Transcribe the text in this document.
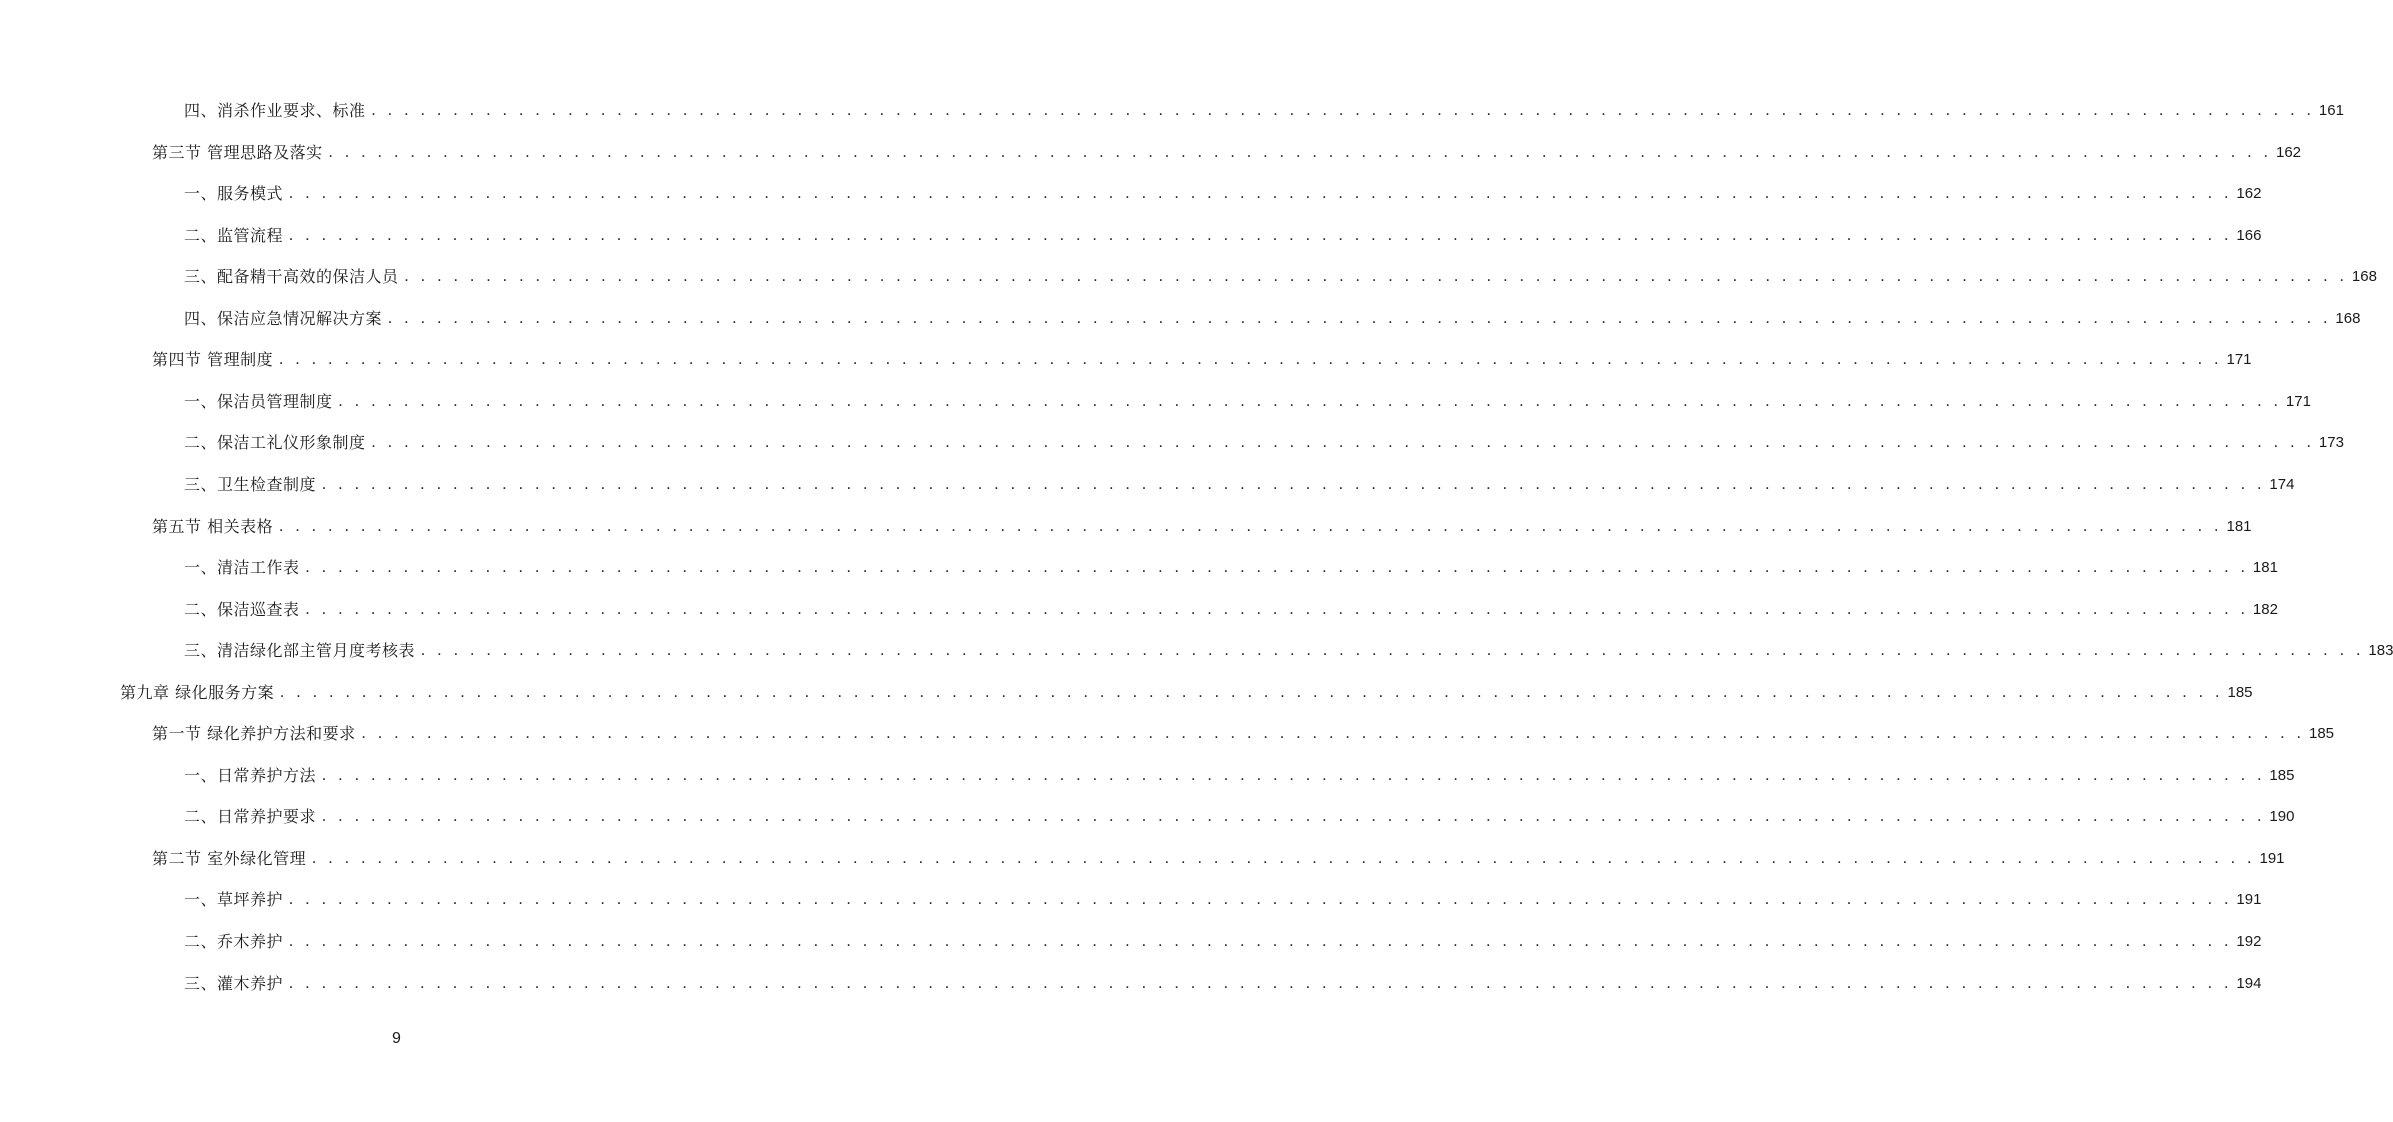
四、消杀作业要求、标准 . . . . . . . . . . . . . . . . . . . . . . . . . . . . . . . . . . . . . . . . . . . . . . . . . . . . . . . . . . . . . . . . . . . . . . . . . . . . . . . . . . . . . . . . . . . . . . . . . . . . . . . . . . . . . . . . . . . . . . . 161
第三节 管理思路及落实 . . . . . . . . . . . . . . . . . . . . . . . . . . . . . . . . . . . . . . . . . . . . . . . . . . . . . . . . . . . . . . . . . . . . . . . . . . . . . . . . . . . . . . . . . . . . . . . . . . . . . . . . . . . . . . . . . . . . . . . 162
一、服务模式 . . . . . . . . . . . . . . . . . . . . . . . . . . . . . . . . . . . . . . . . . . . . . . . . . . . . . . . . . . . . . . . . . . . . . . . . . . . . . . . . . . . . . . . . . . . . . . . . . . . . . . . . . . . . . . . . . . . . . . . 162
二、监管流程 . . . . . . . . . . . . . . . . . . . . . . . . . . . . . . . . . . . . . . . . . . . . . . . . . . . . . . . . . . . . . . . . . . . . . . . . . . . . . . . . . . . . . . . . . . . . . . . . . . . . . . . . . . . . . . . . . . . . . . . 166
三、配备精干高效的保洁人员 . . . . . . . . . . . . . . . . . . . . . . . . . . . . . . . . . . . . . . . . . . . . . . . . . . . . . . . . . . . . . . . . . . . . . . . . . . . . . . . . . . . . . . . . . . . . . . . . . . . . . . . . . . . . . . . . . . . . . . . 168
四、保洁应急情况解决方案 . . . . . . . . . . . . . . . . . . . . . . . . . . . . . . . . . . . . . . . . . . . . . . . . . . . . . . . . . . . . . . . . . . . . . . . . . . . . . . . . . . . . . . . . . . . . . . . . . . . . . . . . . . . . . . . . . . . . . . . 168
第四节 管理制度 . . . . . . . . . . . . . . . . . . . . . . . . . . . . . . . . . . . . . . . . . . . . . . . . . . . . . . . . . . . . . . . . . . . . . . . . . . . . . . . . . . . . . . . . . . . . . . . . . . . . . . . . . . . . . . . . . . . . . . . 171
一、保洁员管理制度 . . . . . . . . . . . . . . . . . . . . . . . . . . . . . . . . . . . . . . . . . . . . . . . . . . . . . . . . . . . . . . . . . . . . . . . . . . . . . . . . . . . . . . . . . . . . . . . . . . . . . . . . . . . . . . . . . . . . . . . 171
二、保洁工礼仪形象制度 . . . . . . . . . . . . . . . . . . . . . . . . . . . . . . . . . . . . . . . . . . . . . . . . . . . . . . . . . . . . . . . . . . . . . . . . . . . . . . . . . . . . . . . . . . . . . . . . . . . . . . . . . . . . . . . . . . . . . . . 173
三、卫生检查制度 . . . . . . . . . . . . . . . . . . . . . . . . . . . . . . . . . . . . . . . . . . . . . . . . . . . . . . . . . . . . . . . . . . . . . . . . . . . . . . . . . . . . . . . . . . . . . . . . . . . . . . . . . . . . . . . . . . . . . . . 174
第五节 相关表格 . . . . . . . . . . . . . . . . . . . . . . . . . . . . . . . . . . . . . . . . . . . . . . . . . . . . . . . . . . . . . . . . . . . . . . . . . . . . . . . . . . . . . . . . . . . . . . . . . . . . . . . . . . . . . . . . . . . . . . . 181
一、清洁工作表 . . . . . . . . . . . . . . . . . . . . . . . . . . . . . . . . . . . . . . . . . . . . . . . . . . . . . . . . . . . . . . . . . . . . . . . . . . . . . . . . . . . . . . . . . . . . . . . . . . . . . . . . . . . . . . . . . . . . . . . 181
二、保洁巡查表 . . . . . . . . . . . . . . . . . . . . . . . . . . . . . . . . . . . . . . . . . . . . . . . . . . . . . . . . . . . . . . . . . . . . . . . . . . . . . . . . . . . . . . . . . . . . . . . . . . . . . . . . . . . . . . . . . . . . . . . 182
三、清洁绿化部主管月度考核表 . . . . . . . . . . . . . . . . . . . . . . . . . . . . . . . . . . . . . . . . . . . . . . . . . . . . . . . . . . . . . . . . . . . . . . . . . . . . . . . . . . . . . . . . . . . . . . . . . . . . . . . . . . . . . . . . . . . . . . . 183
第九章 绿化服务方案 . . . . . . . . . . . . . . . . . . . . . . . . . . . . . . . . . . . . . . . . . . . . . . . . . . . . . . . . . . . . . . . . . . . . . . . . . . . . . . . . . . . . . . . . . . . . . . . . . . . . . . . . . . . . . . . . . . . . . . . 185
第一节 绿化养护方法和要求 . . . . . . . . . . . . . . . . . . . . . . . . . . . . . . . . . . . . . . . . . . . . . . . . . . . . . . . . . . . . . . . . . . . . . . . . . . . . . . . . . . . . . . . . . . . . . . . . . . . . . . . . . . . . . . . . . . . . . . . 185
一、日常养护方法 . . . . . . . . . . . . . . . . . . . . . . . . . . . . . . . . . . . . . . . . . . . . . . . . . . . . . . . . . . . . . . . . . . . . . . . . . . . . . . . . . . . . . . . . . . . . . . . . . . . . . . . . . . . . . . . . . . . . . . . 185
二、日常养护要求 . . . . . . . . . . . . . . . . . . . . . . . . . . . . . . . . . . . . . . . . . . . . . . . . . . . . . . . . . . . . . . . . . . . . . . . . . . . . . . . . . . . . . . . . . . . . . . . . . . . . . . . . . . . . . . . . . . . . . . . 190
第二节 室外绿化管理 . . . . . . . . . . . . . . . . . . . . . . . . . . . . . . . . . . . . . . . . . . . . . . . . . . . . . . . . . . . . . . . . . . . . . . . . . . . . . . . . . . . . . . . . . . . . . . . . . . . . . . . . . . . . . . . . . . . . . . . 191
一、草坪养护 . . . . . . . . . . . . . . . . . . . . . . . . . . . . . . . . . . . . . . . . . . . . . . . . . . . . . . . . . . . . . . . . . . . . . . . . . . . . . . . . . . . . . . . . . . . . . . . . . . . . . . . . . . . . . . . . . . . . . . . 191
二、乔木养护 . . . . . . . . . . . . . . . . . . . . . . . . . . . . . . . . . . . . . . . . . . . . . . . . . . . . . . . . . . . . . . . . . . . . . . . . . . . . . . . . . . . . . . . . . . . . . . . . . . . . . . . . . . . . . . . . . . . . . . . 192
三、灌木养护 . . . . . . . . . . . . . . . . . . . . . . . . . . . . . . . . . . . . . . . . . . . . . . . . . . . . . . . . . . . . . . . . . . . . . . . . . . . . . . . . . . . . . . . . . . . . . . . . . . . . . . . . . . . . . . . . . . . . . . . 194
9
